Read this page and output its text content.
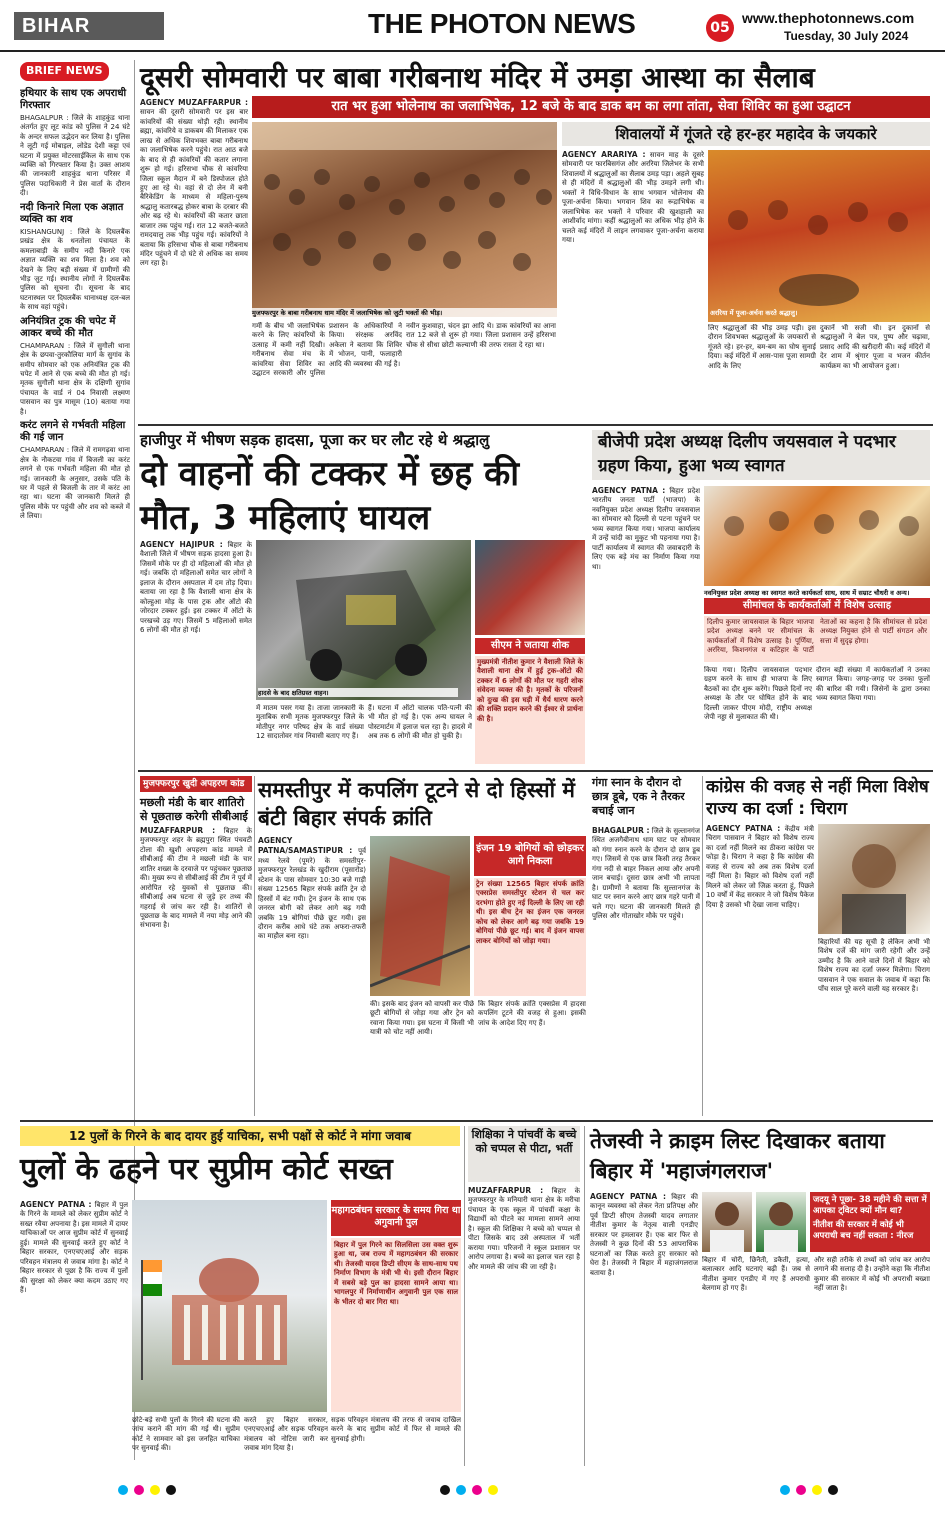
BIHAR	THE PHOTON NEWS	05
www.thephotonnews.com
Tuesday, 30 July 2024
BRIEF NEWS
हथियार के साथ एक अपराधी गिरफ्तार
BHAGALPUR : जिले के शाहकुंड थाना अंतर्गत हुए लूट कांड को पुलिस ने 24 घंटे के अन्दर सफल उद्भेदन कर लिया है। पुलिस ने लूटी गई मोबाइल, लोडेड देशी कट्टा एवं घटना में प्रयुक्त मोटरसाईकिल के साथ एक व्यक्ति को गिरफ्तार किया है। उक्त आशय की जानकारी शाहकुंड थाना परिसर में पुलिस पदाधिकारी ने प्रेस वार्ता के दौरान दी।
नदी किनारे मिला एक अज्ञात व्यक्ति का शव
KISHANGUNJ : जिले के दिघलबैंक प्रखंड क्षेत्र के धनतोला पंचायत के कमलाबाड़ी के समीप नदी किनारे एक अज्ञात व्यक्ति का शव मिला है। शव को देखने के लिए बड़ी संख्या में ग्रामीणों की भीड़ जुट गई। स्थानीय लोगों ने दिघलबैंक पुलिस को सूचना दी। सूचना के बाद घटनास्थल पर दिघलबैंक थानाध्यक्ष दल-बल के साथ वहां पहुंचे।
अनियंत्रित ट्रक की चपेट में आकर बच्चे की मौत
CHAMPARAN : जिले में सुगौली थाना क्षेत्र के छपवा-तुरकौलिया मार्ग के सुगांव के समीप सोमवार को एक अनियंत्रित ट्रक की चपेट में आने से एक बच्चे की मौत हो गई। मृतक सुगौली थाना क्षेत्र के दक्षिणी सुगांव पंचायत के वार्ड नं 04 निवासी लक्ष्मण पासवान का पुत्र मासूम (10) बताया गया है।
करंट लगने से गर्भवती महिला की गई जान
CHAMPARAN : जिले में रामगढ़वा थाना क्षेत्र के नौकटवा गांव में बिजली का करंट लगने से एक गर्भवती महिला की मौत हो गई। जानकारी के अनुसार, उसके पति के घर में पहले से बिजली के तार में करंट आ रहा था। घटना की जानकारी मिलते ही पुलिस मौके पर पहुंची और शव को कब्जे में ले लिया।
दूसरी सोमवारी पर बाबा गरीबनाथ मंदिर में उमड़ा आस्था का सैलाब
रात भर हुआ भोलेनाथ का जलाभिषेक, 12 बजे के बाद डाक बम का लगा तांता, सेवा शिविर का हुआ उद्घाटन
AGENCY MUZAFFARPUR : सावन की दूसरी सोमवारी पर इस बार कांवरियों की संख्या थोड़ी रही। स्थानीय ब्रह्मा, कांवरिये व डाकबम की मिलाकर एक लाख से अधिक शिवभक्त बाबा गरीबनाथ का जलाभिषेक करने पहुंचे। रात आठ बजे के बाद से ही कांवरियों की कतार लगाना शुरू हो गई। हरिसभा चौक से कांवरिया जिला स्कूल मैदान में बने डिस्पोजल होते हुए आ रहे थे। वहां से दो लेन में बनी बैरिकेडिंग के माध्यम से महिला-पुरुष श्रद्धालु कतारबद्ध होकर बाबा के दरबार की ओर बढ़ रहे थे। कांवरियों की कतार छाता बाजार तक पहुंच गई। रात 12 बजते-बजते रामदयालु तक भीड़ पहुंच गई। कांवरियों ने बताया कि हरिसभा चौक से बाबा गरीबनाथ मंदिर पहुंचने में दो घंटे से अधिक का समय लग रहा है।
मुजफ्फरपुर के बाबा गरीबनाथ धाम मंदिर में जलाभिषेक को जुटी भक्तों की भीड़।
गर्मी के बीच भी जलाभिषेक करने के लिए कांवरियों के उत्साह में कमी नहीं दिखी। गरीबनाथ सेवा मंच के कांवरिया सेवा शिविर का उद्घाटन सरकारी और पुलिस प्रशासन के अधिकारियों ने किया। संरक्षक अरविंद अकेला ने बताया कि शिविर में भोजन, पानी, फलाहारी आदि की व्यवस्था की गई है।
नवीन कुशवाहा, चंदन झा आदि थे। डाक कांवरियों का आना रात 12 बजे से शुरू हो गया। जिला प्रशासन उन्हें हरिसभा चौक से सीधा छोटी कल्याणी की तरफ रास्ता दे रहा था।
शिवालयों में गूंजते रहे हर-हर महादेव के जयकारे
AGENCY ARARIYA : सावन माह के दूसरे सोमवारी पर फारबिसगंज और अररिया जिलेभर के सभी शिवालयों में श्रद्धालुओं का सैलाब उमड़ पड़ा। अहले सुबह से ही मंदिरों में श्रद्धालुओं की भीड़ उमड़ने लगी थी। भक्तों ने विधि-विधान के साथ भगवान भोलेनाथ की पूजा-अर्चना किया। भगवान शिव का रूद्राभिषेक व जलाभिषेक कर भक्तों ने परिवार की खुशहाली का आशीर्वाद मांगा। कहीं श्रद्धालुओं का अधिक भीड़ होने के चलते कई मंदिरों में लाइन लगवाकर पूजा-अर्चना कराया गया।
अररिया में पूजा-अर्चना करते श्रद्धालु।
लिए श्रद्धालुओं की भीड़ उमड़ पड़ी। इस दौरान शिवभक्त श्रद्धालुओं के जयकारों से गूंजते रहे। हर-हर, बम-बम का घोष सुनाई दिया। कई मंदिरों में आस-पास पूजा सामग्री आदि के लिए
दुकानें भी सजी थी। इन दुकानों से श्रद्धालुओं ने बेल पत्र, पुष्प और चढ़ावा, प्रसाद आदि की खरीदारी की। कई मंदिरों में देर शाम में श्रृंगार पूजा व भजन कीर्तन कार्यक्रम का भी आयोजन हुआ।
हाजीपुर में भीषण सड़क हादसा, पूजा कर घर लौट रहे थे श्रद्धालु
दो वाहनों की टक्कर में छह की मौत, 3 महिलाएं घायल
AGENCY HAJIPUR : बिहार के वैशाली जिले में भीषण सड़क हादसा हुआ है। जिसमें मौके पर ही दो महिलाओं की मौत हो गई। जबकि दो महिलाओं समेत चार लोगों ने इलाज के दौरान अस्पताल में दम तोड़ दिया। बताया जा रहा है कि वैशाली थाना क्षेत्र के कोल्हुआ मोड़ के पास ट्रक और ऑटो की जोरदार टक्कर हुई। इस टक्कर में ऑटो के परखच्चे उड़ गए। जिसमें 5 महिलाओं समेत 6 लोगों की मौत हो गई।
हादसे के बाद क्षतिग्रस्त वाहन।
सीएम ने जताया शोक
मुख्यमंत्री नीतीश कुमार ने वैशाली जिले के वैशाली थाना क्षेत्र में हुई ट्रक-ऑटो की टक्कर में 6 लोगों की मौत पर गहरी शोक संवेदना व्यक्त की है। मृतकों के परिजनों को दुःख की इस घड़ी में धैर्य धारण करने की शक्ति प्रदान करने की ईश्वर से प्रार्थना की है।
में मातम पसर गया है। ताजा जानकारी के मुताबिक सभी मृतक मुजफ्फरपुर जिले के मोतीपुर नगर परिषद क्षेत्र के वार्ड संख्या 12 सादातोवर गांव निवासी बताए गए हैं।
हैं। घटना में ऑटो चालक पति-पत्नी की भी मौत हो गई है। एक अन्य घायल ने पोस्टमार्टम में इलाज चल रहा है। हादसे में अब तक 6 लोगों की मौत हो चुकी है।
बीजेपी प्रदेश अध्यक्ष दिलीप जयसवाल ने पदभार ग्रहण किया, हुआ भव्य स्वागत
AGENCY PATNA : बिहार प्रदेश भारतीय जनता पार्टी (भाजपा) के नवनियुक्त प्रदेश अध्यक्ष दिलीप जयसवाल का सोमवार को दिल्ली से पटना पहुंचने पर भव्य स्वागत किया गया। भाजपा कार्यालय में उन्हें चांदी का मुकुट भी पहनाया गया है। पार्टी कार्यालय में स्वागत की जवाबदारी के लिए एक बड़े मंच का निर्माण किया गया था।
नवनियुक्त प्रदेश अध्यक्ष का स्वागत करते कार्यकर्ता साथ, साथ में सम्राट चौधरी व अन्य।
सीमांचल के कार्यकर्ताओं में विशेष उत्साह
दिलीप कुमार जायसवाल के बिहार भाजपा प्रदेश अध्यक्ष बनने पर सीमांचल के कार्यकर्ताओं में विशेष उत्साह है। पूर्णिया, अररिया, किशनगंज व कटिहार के पार्टी नेताओं का कहना है कि सीमांचल से प्रदेश अध्यक्ष नियुक्त होने से पार्टी संगठन और सत्ता में सुदृढ़ होगा।
किया गया। दिलीप जायसवाल पदभार ग्रहण करने के साथ ही भाजपा के लिए बैठकों का दौर शुरू करेंगे। पिछले दिनों नए अध्यक्ष के तौर पर घोषित होने के बाद दिल्ली जाकर पीएम मोदी, राष्ट्रीय अध्यक्ष जेपी नड्डा से मुलाकात की थी।
दौरान बड़ी संख्या में कार्यकर्ताओं ने उनका स्वागत किया। जगह-जगह पर उनका फूलों की बारिश की गयी। जिसेनों के द्वारा उनका भव्य स्वागत किया गया।
मुजफ्फरपुर खुदी अपहरण कांड
मछली मंडी के बार शातिरो से पूछताछ करेगी सीबीआई
MUZAFFARPUR : बिहार के मुजफ्फरपुर शहर के ब्रह्मपुरा स्थित पंचवटी टोला की खुशी अपहरण कांड मामले में सीबीआई की टीम ने मछली मंडी के चार शातिर शख्स के दरवाजे पर पहुंचकर पूछताछ की। मुख्य रूप से सीबीआई की टीम ने पूर्व में आरोपित रहे युवकों से पूछताछ की। सीबीआई अब घटना से जुड़े हर तथ्य की गहराई से जांच कर रही है। शातिरों से पूछताछ के बाद मामले में नया मोड़ आने की संभावना है।
समस्तीपुर में कपलिंग टूटने से दो हिस्सों में बंटी बिहार संपर्क क्रांति
AGENCY PATNA/SAMASTIPUR : पूर्व मध्य रेलवे (पूमरे) के समस्तीपुर-मुजफ्फरपुर रेलखंड के खुदीराम (पूसारोड) स्टेशन के पास सोमवार 10:30 बजे गाड़ी संख्या 12565 बिहार संपर्क क्रांति ट्रेन दो हिस्सों में बंट गयी। ट्रेन इंजन के साथ एक जनरल बोगी को लेकर आगे बढ़ गयी जबकि 19 बोगियां पीछे छूट गयी। इस दौरान करीब आधे घंटे तक अफरा-तफरी का माहौल बना रहा।
इंजन 19 बोगियों को छोड़कर आगे निकला
ट्रेन संख्या 12565 बिहार संपर्क क्रांति एक्सप्रेस समस्तीपुर स्टेशन से चल कर दरभंगा होते हुए नई दिल्ली के लिए जा रही थी। इस बीच ट्रेन का इंजन एक जनरल कोच को लेकर आगे बढ़ गया जबकि 19 बोगियां पीछे छूट गई। बाद में इंजन वापस लाकर बोगियों को जोड़ा गया।
की। इसके बाद इंजन को वापसी कर पीछे छूटी बोगियों से जोड़ा गया और ट्रेन को रवाना किया गया। इस घटना में किसी भी यात्री को चोट नहीं आयी।
कि बिहार संपर्क क्रांति एक्सप्रेस में हादसा कपलिंग टूटने की वजह से हुआ। इसकी जांच के आदेश दिए गए हैं।
गंगा स्नान के दौरान दो छात्र डूबे, एक ने तैरकर बचाई जान
BHAGALPUR : जिले के सुल्तानगंज स्थित अजगैबीनाथ धाम घाट पर सोमवार को गंगा स्नान करने के दौरान दो छात्र डूब गए। जिसमें से एक छात्र किसी तरह तैरकर गंगा नदी से बाहर निकल आया और अपनी जान बचाई। दूसरा छात्र अभी भी लापता है। ग्रामीणों ने बताया कि सुल्तानगंज के घाट पर स्नान करने आए छात्र गहरे पानी में चले गए। घटना की जानकारी मिलते ही पुलिस और गोताखोर मौके पर पहुंचे।
कांग्रेस की वजह से नहीं मिला विशेष राज्य का दर्जा : चिराग
AGENCY PATNA : केंद्रीय मंत्री चिराग पासवान ने बिहार को विशेष राज्य का दर्जा नहीं मिलने का ठीकरा कांग्रेस पर फोड़ा है। चिराग ने कहा है कि कांग्रेस की वजह से राज्य को अब तक विशेष दर्जा नहीं मिला है। बिहार को विशेष दर्जा नहीं मिलने को लेकर जो जिक्र करता हूं, पिछले 10 वर्षों में केंद्र सरकार ने जो विशेष पैकेज दिया है उसको भी देखा जाना चाहिए।
बिहारियों की यह सूची है लेकिन अभी भी विशेष दर्जे की मांग जारी रहेगी और उन्हें उम्मीद है कि आने वाले दिनों में बिहार को विशेष राज्य का दर्जा जरूर मिलेगा। चिराग पासवान ने एक सवाल के जवाब में कहा कि पाँच साल पूरे करने वाली यह सरकार है।
12 पुलों के गिरने के बाद दायर हुई याचिका, सभी पक्षों से कोर्ट ने मांगा जवाब
पुलों के ढहने पर सुप्रीम कोर्ट सख्त
AGENCY PATNA : बिहार में पुल के गिरने के मामले को लेकर सुप्रीम कोर्ट ने सख्त रवैया अपनाया है। इस मामले में दायर याचिकाओं पर आज सुप्रीम कोर्ट में सुनवाई हुई। मामले की सुनवाई करते हुए कोर्ट ने बिहार सरकार, एनएचएआई और सड़क परिवहन मंत्रालय से जवाब मांगा है। कोर्ट ने बिहार सरकार से पूछा है कि राज्य में पुलों की सुरक्षा को लेकर क्या कदम उठाए गए हैं।
महागठबंधन सरकार के समय गिरा था अगुवानी पुल
बिहार में पुल गिरने का सिलसिला उस वक्त शुरू हुआ था, जब राज्य में महागठबंधन की सरकार थी। तेजस्वी यादव डिप्टी सीएम के साथ-साथ पथ निर्माण विभाग के मंत्री भी थे। इसी दौरान बिहार में सबसे बड़े पुल का हादसा सामने आया था। भागलपुर में निर्माणाधीन अगुवानी पुल एक साल के भीतर दो बार गिरा था।
छोटे-बड़े सभी पुलों के गिरने की घटना की जांच कराने की मांग की गई थी। सुप्रीम कोर्ट ने सामवार को इस जनहित याचिका पर सुनवाई की।
करते हुए बिहार सरकार, एनएचएआई और सड़क परिवहन मंत्रालय को नोटिस जारी कर जवाब मांग दिया है।
सड़क परिवहन मंत्रालय की तरफ से जवाब दाखिल करने के बाद सुप्रीम कोर्ट में फिर से मामले की सुनवाई होगी।
शिक्षिका ने पांचवीं के बच्चे को चप्पल से पीटा, भर्ती
MUZAFFARPUR : बिहार के मुजफ्फरपुर के मनियारी थाना क्षेत्र के मरीचा पंचायत के एक स्कूल में पांचवीं कक्षा के विद्यार्थी को पीटने का मामला सामने आया है। स्कूल की शिक्षिका ने बच्चे को चप्पल से पीटा जिसके बाद उसे अस्पताल में भर्ती कराया गया। परिजनों ने स्कूल प्रशासन पर आरोप लगाया है। बच्चे का इलाज चल रहा है और मामले की जांच की जा रही है।
तेजस्वी ने क्राइम लिस्ट दिखाकर बताया बिहार में 'महाजंगलराज'
AGENCY PATNA : बिहार की कानून व्यवस्था को लेकर नेता प्रतिपक्ष और पूर्व डिप्टी सीएम तेजस्वी यादव लगातार नीतीश कुमार के नेतृत्व वाली एनडीए सरकार पर हमलावर हैं। एक बार फिर से तेजस्वी ने कुछ दिनों की 53 आपराधिक घटनाओं का जिक्र करते हुए सरकार को घेरा है। तेजस्वी ने बिहार में महाजंगलराज बताया है।
जदयू ने पूछा- 38 महीने की सत्ता में आपका ट्विटर क्यों मौन था?
नीतीश की सरकार में कोई भी अपराधी बच नहीं सकता : नीरज
बिहार में चोरी, छिनैती, डकैती, हत्या, बलात्कार आदि घटनाएं बढ़ी हैं। जब से नीतीश कुमार एनडीए में गए हैं अपराधी बेलगाम हो गए हैं।
और सही तरीके से तथ्यों को जांच कर आरोप लगाने की सलाह दी है। उन्होंने कहा कि नीतीश कुमार की सरकार में कोई भी अपराधी बख्शा नहीं जाता है।
